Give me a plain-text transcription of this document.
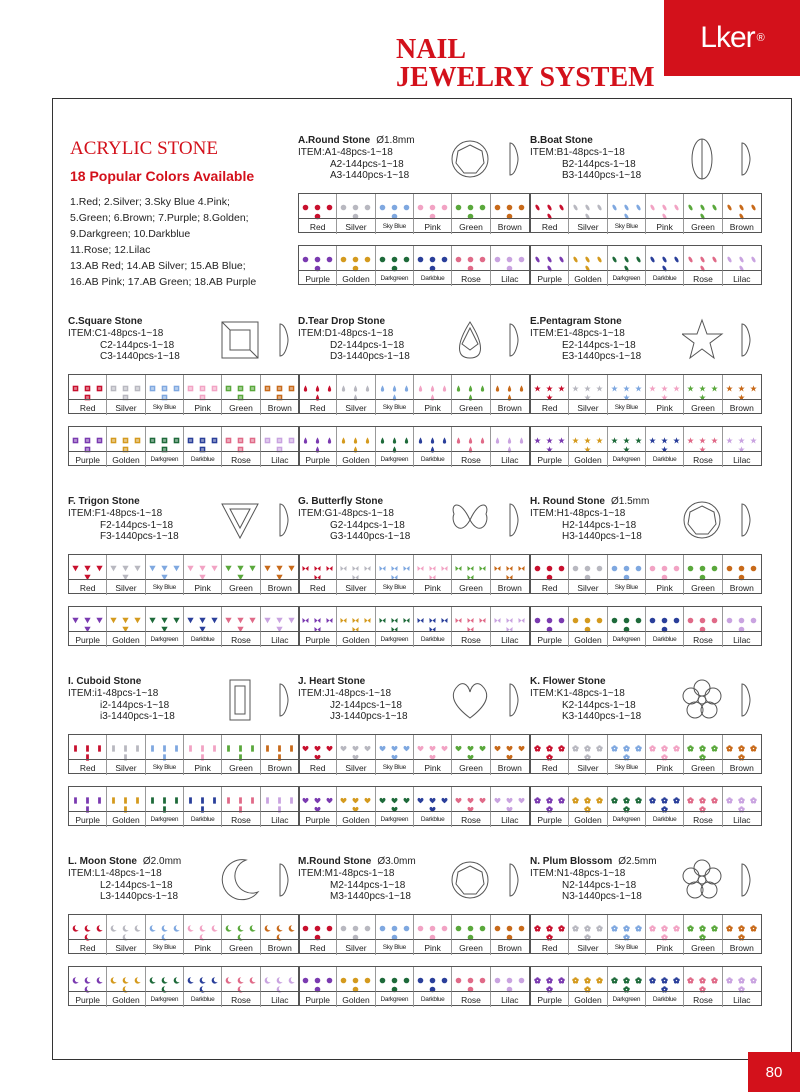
Lker ®
NAIL
JEWELRY SYSTEM
ACRYLIC STONE
18 Popular Colors Available

1.Red; 2.Silver; 3.Sky Blue 4.Pink;

5.Green; 6.Brown; 7.Purple; 8.Golden;

9.Darkgreen; 10.Darkblue

11.Rose; 12.Lilac

13.AB Red; 14.AB Silver; 15.AB Blue;

16.AB Pink; 17.AB Green; 18.AB Purple

A.Round Stone Ø1.8mm
ITEM:A1-48pcs-1~18
A2-144pcs-1~18
A3-1440pcs-1~18
Red	Silver	Sky Blue	Pink	Green	Brown
Purple	Golden	Darkgreen	Darkblue	Rose	Lilac
B.Boat Stone
ITEM:B1-48pcs-1~18
B2-144pcs-1~18
B3-1440pcs-1~18
Red	Silver	Sky Blue	Pink	Green	Brown
Purple	Golden	Darkgreen	Darkblue	Rose	Lilac
C.Square Stone
ITEM:C1-48pcs-1~18
C2-144pcs-1~18
C3-1440pcs-1~18
Red	Silver	Sky Blue	Pink	Green	Brown
Purple	Golden	Darkgreen	Darkblue	Rose	Lilac
D.Tear Drop Stone
ITEM:D1-48pcs-1~18
D2-144pcs-1~18
D3-1440pcs-1~18
Red	Silver	Sky Blue	Pink	Green	Brown
Purple	Golden	Darkgreen	Darkblue	Rose	Lilac
E.Pentagram Stone
ITEM:E1-48pcs-1~18
E2-144pcs-1~18
E3-1440pcs-1~18
Red	Silver	Sky Blue	Pink	Green	Brown
Purple	Golden	Darkgreen	Darkblue	Rose	Lilac
F. Trigon Stone
ITEM:F1-48pcs-1~18
F2-144pcs-1~18
F3-1440pcs-1~18
Red	Silver	Sky Blue	Pink	Green	Brown
Purple	Golden	Darkgreen	Darkblue	Rose	Lilac
G. Butterfly Stone
ITEM:G1-48pcs-1~18
G2-144pcs-1~18
G3-1440pcs-1~18
Red	Silver	Sky Blue	Pink	Green	Brown
Purple	Golden	Darkgreen	Darkblue	Rose	Lilac
H. Round Stone Ø1.5mm
ITEM:H1-48pcs-1~18
H2-144pcs-1~18
H3-1440pcs-1~18
Red	Silver	Sky Blue	Pink	Green	Brown
Purple	Golden	Darkgreen	Darkblue	Rose	Lilac
I. Cuboid Stone
ITEM:i1-48pcs-1~18
i2-144pcs-1~18
i3-1440pcs-1~18
Red	Silver	Sky Blue	Pink	Green	Brown
Purple	Golden	Darkgreen	Darkblue	Rose	Lilac
J. Heart Stone
ITEM:J1-48pcs-1~18
J2-144pcs-1~18
J3-1440pcs-1~18
Red	Silver	Sky Blue	Pink	Green	Brown
Purple	Golden	Darkgreen	Darkblue	Rose	Lilac
K. Flower Stone
ITEM:K1-48pcs-1~18
K2-144pcs-1~18
K3-1440pcs-1~18
Red	Silver	Sky Blue	Pink	Green	Brown
Purple	Golden	Darkgreen	Darkblue	Rose	Lilac
L. Moon Stone Ø2.0mm
ITEM:L1-48pcs-1~18
L2-144pcs-1~18
L3-1440pcs-1~18
Red	Silver	Sky Blue	Pink	Green	Brown
Purple	Golden	Darkgreen	Darkblue	Rose	Lilac
M.Round Stone Ø3.0mm
ITEM:M1-48pcs-1~18
M2-144pcs-1~18
M3-1440pcs-1~18
Red	Silver	Sky Blue	Pink	Green	Brown
Purple	Golden	Darkgreen	Darkblue	Rose	Lilac
N. Plum Blossom Ø2.5mm
ITEM:N1-48pcs-1~18
N2-144pcs-1~18
N3-1440pcs-1~18
Red	Silver	Sky Blue	Pink	Green	Brown
Purple	Golden	Darkgreen	Darkblue	Rose	Lilac
80
